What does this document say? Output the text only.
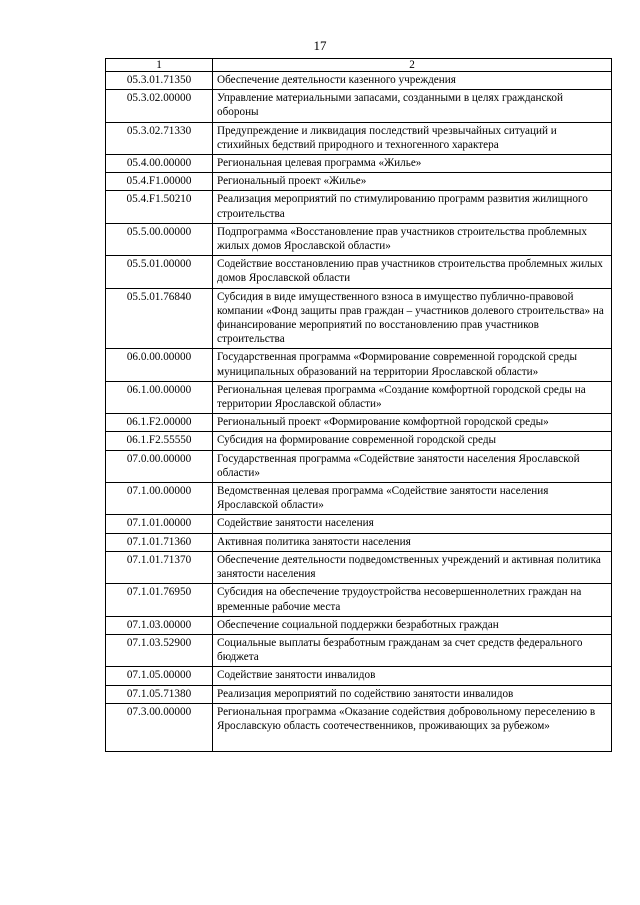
17
1	2
05.3.01.71350	Обеспечение деятельности казенного учреждения
05.3.02.00000	Управление материальными запасами, созданными в целях гражданской обороны
05.3.02.71330	Предупреждение и ликвидация последствий чрезвычайных ситуаций и стихийных бедствий природного и техногенного характера
05.4.00.00000	Региональная целевая программа «Жилье»
05.4.F1.00000	Региональный проект «Жилье»
05.4.F1.50210	Реализация мероприятий по стимулированию программ развития жилищного строительства
05.5.00.00000	Подпрограмма «Восстановление прав участников строительства проблемных жилых домов Ярославской области»
05.5.01.00000	Содействие восстановлению прав участников строительства проблемных жилых домов Ярославской области
05.5.01.76840	Субсидия в виде имущественного взноса в имущество публично-правовой компании «Фонд защиты прав граждан – участников долевого строительства» на финансирование мероприятий по восстановлению прав участников строительства
06.0.00.00000	Государственная программа «Формирование современной городской среды муниципальных образований на территории Ярославской области»
06.1.00.00000	Региональная целевая программа «Создание комфортной городской среды на территории Ярославской области»
06.1.F2.00000	Региональный проект «Формирование комфортной городской среды»
06.1.F2.55550	Субсидия на формирование современной городской среды
07.0.00.00000	Государственная программа «Содействие занятости населения Ярославской области»
07.1.00.00000	Ведомственная целевая программа «Содействие занятости населения Ярославской области»
07.1.01.00000	Содействие занятости населения
07.1.01.71360	Активная политика занятости населения
07.1.01.71370	Обеспечение деятельности подведомственных учреждений и активная политика занятости населения
07.1.01.76950	Субсидия на обеспечение трудоустройства несовершеннолетних граждан на временные рабочие места
07.1.03.00000	Обеспечение социальной поддержки безработных граждан
07.1.03.52900	Социальные выплаты безработным гражданам за счет средств федерального бюджета
07.1.05.00000	Содействие занятости инвалидов
07.1.05.71380	Реализация мероприятий по содействию занятости инвалидов
07.3.00.00000	Региональная программа «Оказание содействия добровольному переселению в Ярославскую область соотечественников, проживающих за рубежом»
